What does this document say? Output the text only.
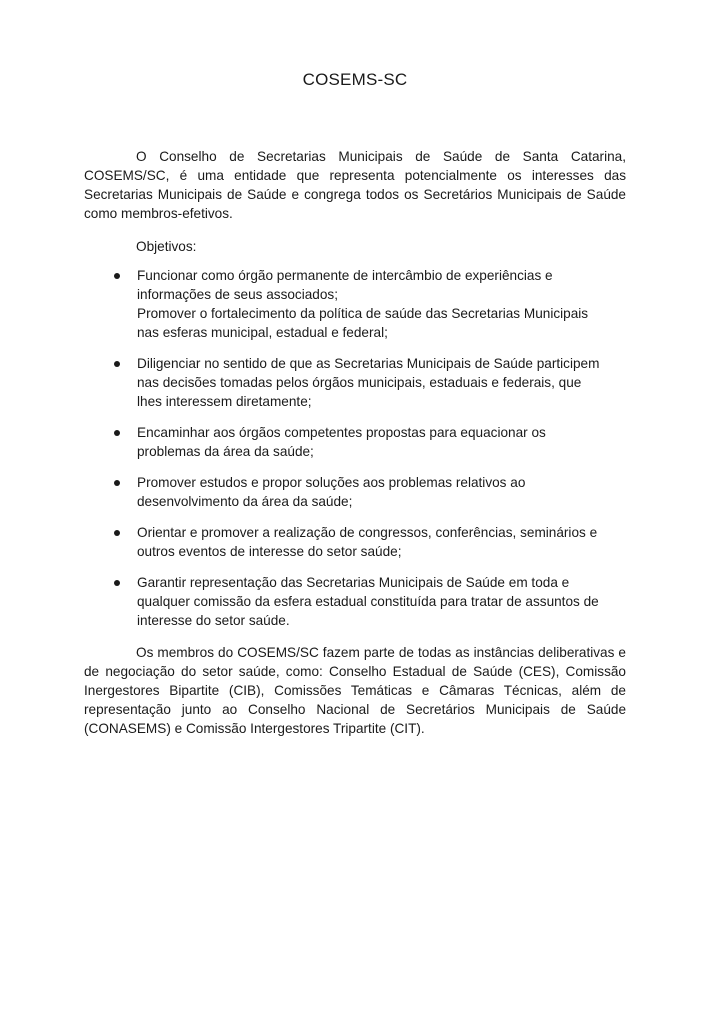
COSEMS-SC

O Conselho de Secretarias Municipais de Saúde de Santa Catarina, COSEMS/SC, é uma entidade que representa potencialmente os interesses das Secretarias Municipais de Saúde e congrega todos os Secretários Municipais de Saúde como membros-efetivos.

Objetivos:

Funcionar como órgão permanente de intercâmbio de experiências e informações de seus associados;
Promover o fortalecimento da política de saúde das Secretarias Municipais nas esferas municipal, estadual e federal;
Diligenciar no sentido de que as Secretarias Municipais de Saúde participem nas decisões tomadas pelos órgãos municipais, estaduais e federais, que lhes interessem diretamente;
Encaminhar aos órgãos competentes propostas para equacionar os problemas da área da saúde;
Promover estudos e propor soluções aos problemas relativos ao desenvolvimento da área da saúde;
Orientar e promover a realização de congressos, conferências, seminários e outros eventos de interesse do setor saúde;
Garantir representação das Secretarias Municipais de Saúde em toda e qualquer comissão da esfera estadual constituída para tratar de assuntos de interesse do setor saúde.

Os membros do COSEMS/SC fazem parte de todas as instâncias deliberativas e de negociação do setor saúde, como: Conselho Estadual de Saúde (CES), Comissão Inergestores Bipartite (CIB), Comissões Temáticas e Câmaras Técnicas, além de representação junto ao Conselho Nacional de Secretários Municipais de Saúde (CONASEMS) e Comissão Intergestores Tripartite (CIT).
